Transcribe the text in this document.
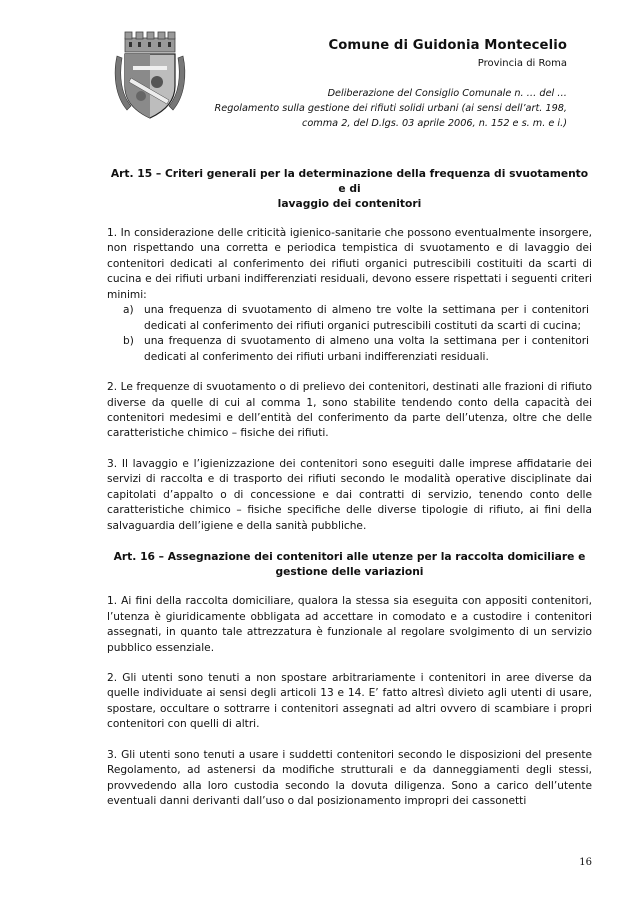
Comune di Guidonia Montecelio
Provincia di Roma
Deliberazione del Consiglio Comunale n. … del …
Regolamento sulla gestione dei rifiuti solidi urbani (ai sensi dell’art. 198,
comma 2, del D.lgs. 03 aprile 2006, n. 152 e s. m. e i.)
Art. 15 – Criteri generali per la determinazione della frequenza di svuotamento e di
lavaggio dei contenitori

1. In considerazione delle criticità igienico-sanitarie che possono eventualmente insorgere, non rispettando una corretta e periodica tempistica di svuotamento e di lavaggio dei contenitori dedicati al conferimento dei rifiuti organici putrescibili costituiti da scarti di cucina e dei rifiuti urbani indifferenziati residuali, devono essere rispettati i seguenti criteri minimi:

a) una frequenza di svuotamento di almeno tre volte la settimana per i contenitori dedicati al conferimento dei rifiuti organici putrescibili costituti da scarti di cucina;
b) una frequenza di svuotamento di almeno una volta la settimana per i contenitori dedicati al conferimento dei rifiuti urbani indifferenziati residuali.

2. Le frequenze di svuotamento o di prelievo dei contenitori, destinati alle frazioni di rifiuto diverse da quelle di cui al comma 1, sono stabilite tendendo conto della capacità dei contenitori medesimi e dell’entità del conferimento da parte dell’utenza, oltre che delle caratteristiche chimico – fisiche dei rifiuti.

3. Il lavaggio e l’igienizzazione dei contenitori sono eseguiti dalle imprese affidatarie dei servizi di raccolta e di trasporto dei rifiuti secondo le modalità operative disciplinate dai capitolati d’appalto o di concessione e dai contratti di servizio, tenendo conto delle caratteristiche chimico – fisiche specifiche delle diverse tipologie di rifiuto, ai fini della salvaguardia dell’igiene e della sanità pubbliche.

Art. 16 – Assegnazione dei contenitori alle utenze per la raccolta domiciliare e
gestione delle variazioni

1. Ai fini della raccolta domiciliare, qualora la stessa sia eseguita con appositi contenitori, l’utenza è giuridicamente obbligata ad accettare in comodato e a custodire i contenitori assegnati, in quanto tale attrezzatura è funzionale al regolare svolgimento di un servizio pubblico essenziale.

2. Gli utenti sono tenuti a non spostare arbitrariamente i contenitori in aree diverse da quelle individuate ai sensi degli articoli 13 e 14. E’ fatto altresì divieto agli utenti di usare, spostare, occultare o sottrarre i contenitori assegnati ad altri ovvero di scambiare i propri contenitori con quelli di altri.

3. Gli utenti sono tenuti a usare i suddetti contenitori secondo le disposizioni del presente Regolamento, ad astenersi da modifiche strutturali e da danneggiamenti degli stessi, provvedendo alla loro custodia secondo la dovuta diligenza. Sono a carico dell’utente eventuali danni derivanti dall’uso o dal posizionamento impropri dei cassonetti

16
